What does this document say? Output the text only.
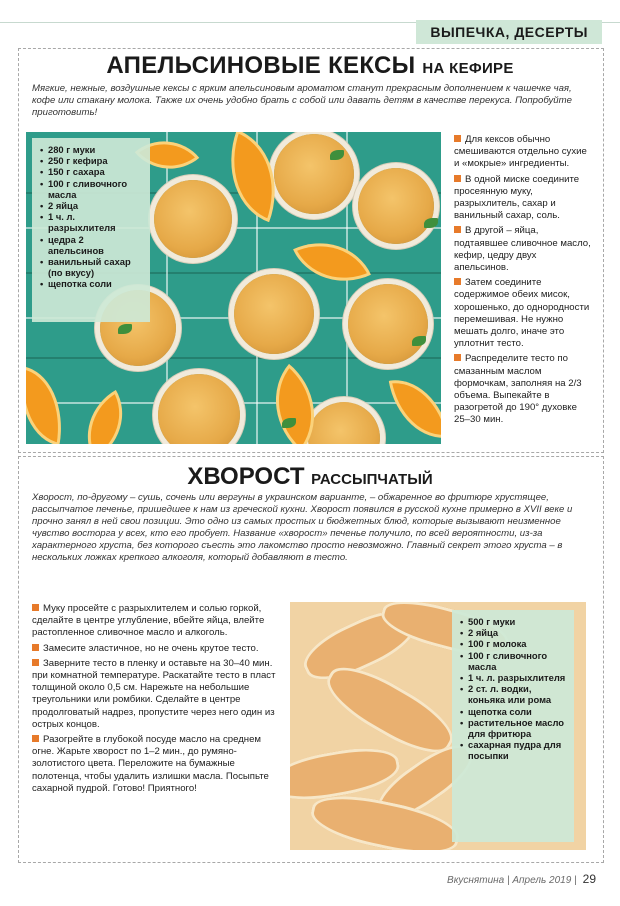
ВЫПЕЧКА, ДЕСЕРТЫ
АПЕЛЬСИНОВЫЕ КЕКСЫ НА КЕФИРЕ
Мягкие, нежные, воздушные кексы с ярким апельсиновым ароматом станут прекрасным дополнением к чашечке чая, кофе или стакану молока. Также их очень удобно брать с собой или давать детям в качестве перекуса. Попробуйте приготовить!
• 280 г муки
• 250 г кефира
• 150 г сахара
• 100 г сливочного масла
• 2 яйца
• 1 ч. л. разрыхлителя
• цедра 2 апельсинов
• ванильный сахар (по вкусу)
• щепотка соли

Для кексов обычно смешиваются отдельно сухие и «мокрые» ингредиенты.

В одной миске соедините просеянную муку, разрыхлитель, сахар и ванильный сахар, соль.

В другой – яйца, подтаявшее сливочное масло, кефир, цедру двух апельсинов.

Затем соедините содержимое обеих мисок, хорошенько, до однородности перемешивая. Не нужно мешать долго, иначе это уплотнит тесто.

Распределите тесто по смазанным маслом формочкам, заполняя на 2/3 объема. Выпекайте в разогретой до 190° духовке 25–30 мин.

ХВОРОСТ РАССЫПЧАТЫЙ
Хворост, по-другому – сушь, сочень или вергуны в украинском варианте, – обжаренное во фритюре хрустящее, рассыпчатое печенье, пришедшее к нам из греческой кухни. Хворост появился в русской кухне примерно в XVII веке и прочно занял в ней свои позиции. Это одно из самых простых и бюджетных блюд, которые вызывают неизменное чувство восторга у всех, кто его пробует. Название «хворост» печенье получило, по всей вероятности, из-за характерного хруста, без которого съесть это лакомство просто невозможно. Главный секрет этого хруста – в нескольких ложках крепкого алкоголя, который добавляют в тесто.

Муку просейте с разрыхлителем и солью горкой, сделайте в центре углубление, вбейте яйца, влейте растопленное сливочное масло и алкоголь.

Замесите эластичное, но не очень крутое тесто.

Заверните тесто в пленку и оставьте на 30–40 мин. при комнатной температуре. Раскатайте тесто в пласт толщиной около 0,5 см. Нарежьте на небольшие треугольники или ромбики. Сделайте в центре продолговатый надрез, пропустите через него один из острых концов.

Разогрейте в глубокой посуде масло на среднем огне. Жарьте хворост по 1–2 мин., до румяно-золотистого цвета. Переложите на бумажные полотенца, чтобы удалить излишки масла. Посыпьте сахарной пудрой. Готово! Приятного!

• 500 г муки
• 2 яйца
• 100 г молока
• 100 г сливочного масла
• 1 ч. л. разрыхлителя
• 2 ст. л. водки, коньяка или рома
• щепотка соли
• растительное масло для фритюра
• сахарная пудра для посыпки
Вкуснятина | Апрель 2019 | 29
